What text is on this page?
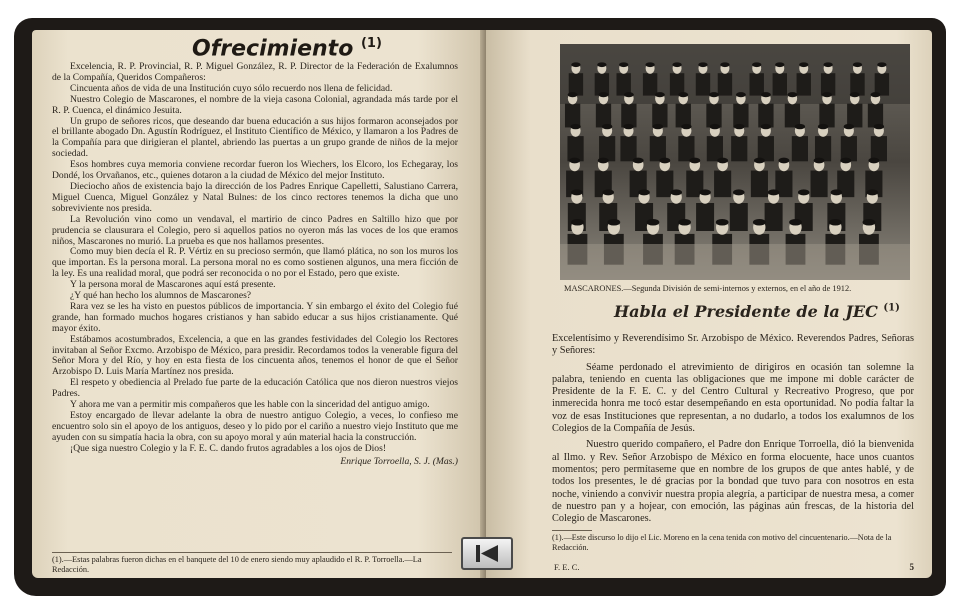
Ofrecimiento $^{(1)}$

Excelencia, R. P. Provincial, R. P. Miguel González, R. P. Director de la Federación de Exalumnos de la Compañía, Queridos Compañeros:

Cincuenta años de vida de una Institución cuyo sólo recuerdo nos llena de felicidad.

Nuestro Colegio de Mascarones, el nombre de la vieja casona Colonial, agrandada más tarde por el R. P. Cuenca, el dinámico Jesuita.

Un grupo de señores ricos, que deseando dar buena educación a sus hijos formaron aconsejados por el brillante abogado Dn. Agustín Rodríguez, el Instituto Científico de México, y llamaron a los Padres de la Compañía para que dirigieran el plantel, abriendo las puertas a un grupo grande de niños de la mejor sociedad.

Esos hombres cuya memoria conviene recordar fueron los Wiechers, los Elcoro, los Echegaray, los Dondé, los Orvañanos, etc., quienes dotaron a la ciudad de México del mejor Instituto.

Dieciocho años de existencia bajo la dirección de los Padres Enrique Capelletti, Salustiano Carrera, Miguel Cuenca, Miguel González y Natal Bulnes: de los cinco rectores tenemos la dicha que uno sobreviviente nos presida.

La Revolución vino como un vendaval, el martirio de cinco Padres en Saltillo hizo que por prudencia se clausurara el Colegio, pero si aquellos patios no oyeron más las voces de los que eramos niños, Mascarones no murió. La prueba es que nos hallamos presentes.

Como muy bien decía el R. P. Vértiz en su precioso sermón, que llamó plática, no son los muros los que importan. Es la persona moral. La persona moral no es como sostienen algunos, una mera ficción de la ley. Es una realidad moral, que podrá ser reconocida o no por el Estado, pero que existe.

Y la persona moral de Mascarones aquí está presente.

¿Y qué han hecho los alumnos de Mascarones?

Rara vez se les ha visto en puestos públicos de importancia. Y sin embargo el éxito del Colegio fué grande, han formado muchos hogares cristianos y han sabido educar a sus hijos cristianamente. Qué mayor éxito.

Estábamos acostumbrados, Excelencia, a que en las grandes festividades del Colegio los Rectores invitaban al Señor Excmo. Arzobispo de México, para presidir. Recordamos todos la venerable figura del Señor Mora y del Río, y hoy en esta fiesta de los cincuenta años, tenemos el honor de que el Señor Arzobispo D. Luis María Martínez nos presida.

El respeto y obediencia al Prelado fue parte de la educación Católica que nos dieron nuestros viejos Padres.

Y ahora me van a permitir mis compañeros que les hable con la sinceridad del antiguo amigo.

Estoy encargado de llevar adelante la obra de nuestro antiguo Colegio, a veces, lo confieso me encuentro solo sin el apoyo de los antiguos, deseo y lo pido por el cariño a nuestro viejo Instituto que me ayuden con su simpatía hacia la obra, con su apoyo moral y aún material hacia la construcción.

¡Que siga nuestro Colegio y la F. E. C. dando frutos agradables a los ojos de Dios!

Enrique Torroella, S. J. (Mas.)

(1).—Estas palabras fueron dichas en el banquete del 10 de enero siendo muy aplaudido el R. P. Torroella.—La Redacción.
MASCARONES.—Segunda División de semi-internos y externos, en el año de 1912.
Habla el Presidente de la JEC $^{(1)}$

Excelentísimo y Reverendísimo Sr. Arzobispo de México. Reverendos Padres, Señoras y Señores:

Séame perdonado el atrevimiento de dirigiros en ocasión tan solemne la palabra, teniendo en cuenta las obligaciones que me impone mi doble carácter de Presidente de la F. E. C. y del Centro Cultural y Recreativo Progreso, que por inmerecida honra me tocó estar desempeñando en esta oportunidad. No podía faltar la voz de esas Instituciones que representan, a no dudarlo, a todos los exalumnos de los Colegios de la Compañía de Jesús.

Nuestro querido compañero, el Padre don Enrique Torroella, dió la bienvenida al Ilmo. y Rev. Señor Arzobispo de México en forma elocuente, hace unos cuantos momentos; pero permítaseme que en nombre de los grupos de que antes hablé, y de todos los presentes, le dé gracias por la bondad que tuvo para con nosotros en esta noche, viniendo a convivir nuestra propia alegría, a participar de nuestra mesa, a comer de nuestro pan y a hojear, con emoción, las páginas aún frescas, de la historia del Colegio de Mascarones.

(1).—Este discurso lo dijo el Lic. Moreno en la cena tenida con motivo del cincuentenario.—Nota de la Redacción.
F. E. C.	5
